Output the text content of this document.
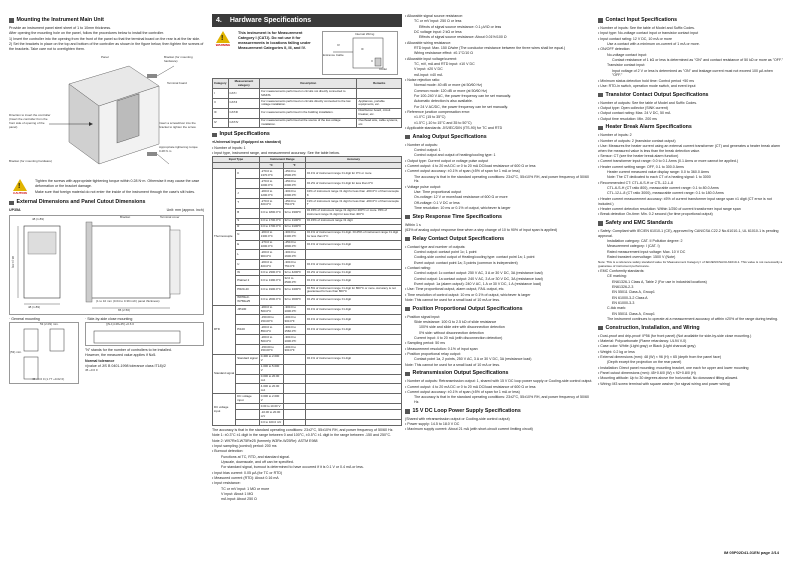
Mounting the Instrument Main Unit
Provide an instrument panel steel sheet of 1 to 10mm thickness.
After opening the mounting hole on the panel, follow the procedures below to install the controller.
1) Insert the controller into the opening from the front of the panel so that the terminal board on the rear is at the far side.
2) Set the brackets in place on the top and bottom of the controller as shown in the figure below, then tighten the screws of the brackets. Take care not to overtighten them.
Panel	Bracket (for mounting hardware)
Terminal board
Direction to insert the controller (Insert the controller from the front side of opening of the panel)
Insert a screwdriver into the bracket to tighten the screw.
Appropriate tightening torque 0.28 N·m
Bracket (for mounting hardware)
!
CAUTION
Tighten the screws with appropriate tightening torque within 0.28 N·m. Otherwise it may cause the case deformation or the bracket damage.
Make sure that foreign material do not enter the inside of the instrument through the case's slit holes.
External Dimensions and Panel Cutout Dimensions
UP35A	Unit: mm (approx. inch)
48 (1.89)	Bracket	Terminal cover
65 (2.56)
96 (3.78)
48 (1.89)
(1 to 10 mm (0.04 to 0.39 inch) panel thickness)
· General mounting
53 (2.09) min.
(53) min.
45 +0.6 0 (1.77 +0.02 0)
· Side-by-side close mounting
[(N-1)×48+45] +0.6 0
"N" stands for the number of controllers to be installed.
However, the measured value applies if N≥5.
Normal tolerance
±(value of JIS B 0401-1998 tolerance class IT18)/2
45 +0.6 0
4. Hardware Specifications
!
WARNING
This instrument is for Measurement Category I (CAT.I). Do not use it for measurements in locations falling under Measurement Categories II, III, and IV.
Internal Wiring
Entrance Cable
Outlet
III
II
IV
Category	Measurement category	Description	Remarks
I	CAT.I	For measurements performed on circuits not directly connected to MAINS.	
II	CAT.II	For measurements performed on circuits directly connected to the low voltage installation.	Appliances, portable equipments, etc.
III	CAT.III	For measurements performed in the building installation.	Distribution board, circuit breaker, etc.
IV	CAT.IV	For measurements performed at the source of the low-voltage installation.	Overhead wire, cable systems, etc.
Input Specifications
●Universal Input (Equipped as standard)
• Number of inputs: 1
• Input type, instrument range, and measurement accuracy: See the table below.
Input Type		Instrument Range		Accuracy
		°C	°F	
Thermocouple	K	-270.0 to 1370.0°C	-450.0 to 2500.0°F	±0.1% of instrument range ±1 digit for 0°C or more
		-270.0 to 1000.0°C	-450.0 to 2300.0°F	±0.2% of instrument range ±1 digit for less than 0°C
	J	-200.0 to 1200.0°C	-300.0 to 2300.0°F	±2% of instrument range ±1 digit for less than -200.0°C of thermocouple K
	T	-270.0 to 400.0°C	-450.0 to 750.0°F	±1% of instrument range ±1 digit for less than -200.0°C of thermocouple T
	B	0.0 to 1800.0°C	32 to 3300°F	±0.15% of instrument range ±1 digit for 400°C or more. ±5% of instrument range ±1 digit for less than 400°C
	S	0.0 to 1700.0°C	32 to 3100°F	±0.15% of instrument range ±1 digit
	R	0.0 to 1700.0°C	32 to 3100°F	
	N	-200.0 to 1300.0°C	-300.0 to 2400.0°F	±0.1% of instrument range ±1 digit. ±0.25% of instrument range ±1 digit for less than 0°C
	E	-270.0 to 1000.0°C	-450.0 to 1800.0°F	±0.1% of instrument range ±1 digit
	L	-200.0 to 900.0°C	-300.0 to 1600.0°F	
	U	-200.0 to 400.0°C	-300.0 to 750.0°F	±0.1% of instrument range ±1 digit
	W	0.0 to 2300.0°C	32 to 4200°F	±0.2% of instrument range ±1 digit
	Platinel 2	0.0 to 1390.0°C	32.0 to 2500.0°F	±0.1% of instrument range ±1 digit
	PR20-40	0.0 to 1900.0°C	32 to 3400°F	±0.5% of instrument range ±1 digit for 800°C or more. Accuracy is not guaranteed for less than 800°C
	W97Re3-W75Re25	0.0 to 2000.0°C	32 to 3600°F	±0.2% of instrument range ±1 digit
RTD	JPt100	-200.0 to 500.0°C	-300.0 to 1000.0°F	±0.1% of instrument range ±1 digit
		-150.00 to 150.00°C	-200.0 to 300.0°F	±0.1% of instrument range ±1 digit
	Pt100	-200.0 to 850.0°C	-300.0 to 1560.0°F	±0.1% of instrument range ±1 digit
		-200.0 to 500.0°C	-300.0 to 1000.0°F	
		-150.00 to 150.00°C	-200.0 to 300.0°F	
Standard signal	Standard signal	0.400 to 2.000 V		±0.1% of instrument range ±1 digit
		1.000 to 5.000 V		
		0.000 to 20.00 mA		
		4.000 to 20.00 mA		
DC voltage input	DC voltage input	0.000 to 2.000 V		
		0.00 to 10.00 V		
		-10.00 to 20.00 mV		
		0.0 to 100.0 mV		
The accuracy is that in the standard operating conditions: 23±2°C, 55±10% RH, and power frequency of 50/60 Hz.
Note 1: ±0.3°C ±1 digit in the range between 0 and 100°C, ±0.5°C ±1 digit in the range between -150 and 250°C.
Note 2: W97Re3-W75Re25 (formerly W3Re-W25Re): ASTM E988
• Input sampling (control) period: 200 ms
• Burnout detection:
Functions at TC, RTD, and standard signal.
Upscale, downscale, and off can be specified.
For standard signal, burnout is determined to have occurred if it is 0.1 V or 0.4 mA or less.
• Input bias current: 0.05 μA (for TC or RTD)
• Measured current (RTD): About 0.16 mA
• Input resistance:
TC or mV input: 1 MΩ or more
V input: About 1 MΩ
mA input: About 250 Ω
• Allowable signal source resistance:
TC or mV input: 250 Ω or less
Effects of signal source resistance: 0.1 μV/Ω or less
DC voltage input: 2 kΩ or less
Effects of signal source resistance: About 0.01%/100 Ω
• Allowable wiring resistance:
RTD input: Max. 150 Ω/wire (The conductor resistance between the three wires shall be equal.)
Wiring resistance effect: ±0.1°C/10 Ω
• Allowable input voltage/current:
TC, mV, mA and RTD input: ±10 V DC
V input: ±20 V DC
mA input: ±40 mA
• Noise rejection ratio:
Normal mode: 40 dB or more (at 50/60 Hz)
Common mode: 120 dB or more (at 50/60 Hz)
For 100-240 V AC, the power frequency can be set manually.
Automatic detection is also available.
For 24 V AC/DC, the power frequency can be set manually.
• Reference junction compensation error:
±1.0°C (15 to 35°C)
±1.5°C (-10 to 15°C and 35 to 50°C)
• Applicable standards: JIS/IEC/DIN (ITS-90) for TC and RTD
Analog Output Specifications
• Number of outputs:
Control output: 1
Control output and output of heating/cooling type: 1
• Output type: Current output or voltage pulse output
• Current output: 4 to 20 mA DC or 0 to 20 mA DC/load resistance of 600 Ω or less
• Current output accuracy: ±0.1% of span (±5% of span for 1 mA or less)
The accuracy is that in the standard operating conditions: 23±2°C, 55±10% RH, and power frequency of 50/60 Hz.
• Voltage pulse output:
Use: Time proportional output
On-voltage: 12 V or more/load resistance of 600 Ω or more
Off-voltage: 0.1 V DC or less
Time resolution: 10 ms or 0.1% of output, whichever is larger
Step Response Time Specifications
Within 1 s
(63% of analog output response time when a step change of 10 to 90% of input span is applied)
Relay Contact Output Specifications
• Contact type and number of outputs:
Control output: contact point 1c; 1 point
Cooling-side control output of Heating/cooling type: contact point 1a; 1 point
Event output: contact point 1a; 3 points (common is independent)
• Contact rating:
Control output: 1c contact output: 250 V AC, 3 A or 30 V DC, 3A (resistance load)
Control output: 1a contact output: 240 V AC, 3 A or 30 V DC, 3A (resistance load)
Event output: 1a (alarm output): 240 V AC, 1 A or 30 V DC, 1 A (resistance load)
• Use: Time proportional output, alarm output, FAIL output, etc.
• Time resolution of control output: 10 ms or 0.1% of output, whichever is larger
Note: This cannot be used for a small load of 10 mA or less.
Position Proportional Output Specifications
• Position signal input:
Slide resistance: 100 Ω to 2.5 kΩ of slide resistance
100% side and slide wire with disconnection detection
0% side: without disconnection detection
Current input: 4 to 20 mA (with disconnection detection)
• Sampling period: 50 ms
• Measurement resolution: 0.1% of input span
• Position proportional relay output:
Contact point 1a, 2 points, 250 V AC, 3 A or 30 V DC, 3A (resistance load)
Note: This cannot be used for a small load of 10 mA or less.
Retransmission Output Specifications
• Number of outputs: Retransmission output: 1, shared with 15 V DC loop power supply or Cooling-side control output.
• Current output: 4 to 20 mA DC or 0 to 20 mA DC/load resistance of 600 Ω or less
• Current output accuracy: ±0.1% of span (±5% of span for 1 mA or less)
The accuracy is that in the standard operating conditions: 23±2°C, 55±10% RH, and power frequency of 50/60 Hz.
15 V DC Loop Power Supply Specifications
(Shared with retransmission output or Cooling-side control output)
• Power supply: 14.5 to 18.0 V DC
• Maximum supply current: About 21 mA (with short-circuit current limiting circuit)
Contact Input Specifications
• Number of inputs: See the table of Model and Suffix Codes.
• Input type: No-voltage contact input or transistor contact input
• Input contact rating: 12 V DC, 10 mA or more
Use a contact with a minimum on-current of 1 mA or more.
• ON/OFF detection:
No-voltage contact input:
Contact resistance of 1 kΩ or less is determined as "ON" and contact resistance of 50 kΩ or more as "OFF."
Transistor contact input:
Input voltage of 2 V or less is determined as "ON" and leakage current must not exceed 100 μA when "OFF."
• Minimum status detection hold time: Control period +50 ms
• Use: RTD-in switch, operation mode switch, and event input
Transistor Contact Output Specifications
• Number of outputs: See the table of Model and Suffix Codes.
• Output type: Open collector (SINK current)
• Output contact rating: Max. 24 V DC, 50 mA
• Output time resolution: Min. 200 ms
Heater Break Alarm Specifications
• Number of inputs: 2
• Number of outputs: 2 (transistor contact output)
• Use: Measures the heater current using an external current transformer (CT) and generates a heater break alarm when the measured value is less than the break detection value.
• Sensor: CT (see the heater break alarm function)
• Current transformer input range: 0.0 to 0.1 Arms (0.1 Arms or more cannot be applied.)
• Heater current setting range: OFF, 0.1 to 300.0 Arms
Heater current measured value display range: 0.0 to 360.0 Arms
Note: The CT dedicated to each CT of a heating signal: 1 to 3000
• Recommended CT: CTL-6-S-H or CTL-12-L-8
CTL-6-S-H (CT ratio 800), measurable current range: 0.1 to 80.0 Arms
CTL-12-L-8 (CT ratio 3000), measurable current range: 0.1 to 180.0 Arms
• Heater current measurement accuracy: ±5% of current transformer input range span ±1 digit (CT error is not included.)
• Heater current detection resolution: Within 1/250 of current transformer input range span
• Break detection On-time: Min. 0.2 second (for time proportional output)
Safety and EMC Standards
• Safety: Compliant with IEC/EN 61010-1 (CE), approved by CAN/CSA C22.2 No.61010-1, UL 61010-1 is pending approval.
Installation category: CAT. II Pollution degree: 2
Measurement category: I (CAT. I)
Rated measurement input voltage: Max. 10 V DC
Rated transient overvoltage: 1500 V (Note)
Note: This is a reference safety standard value for Measurement Category I of IEC/EN/CSA/UL61010-1. This value is not necessarily a guarantee of instrument performance.
• EMC Conformity standards:
CE marking:
EN61326-1 Class A, Table 2 (For use in industrial locations)
EN61326-2-3
EN 55011 Class A, Group1
EN 61000-3-2 Class A
EN 61000-3-3
C-tick mark:
EN 55011 Class A, Group1
The instrument continues to operate at a measurement accuracy of within ±20% of the range during testing.
Construction, Installation, and Wiring
• Dust-proof and drip-proof: IP56 (for front panel) (Not available for side-by-side close mounting.)
• Material: Polycarbonate (Flame retardancy: UL94 V-0)
• Case color: White (Light gray) or Black (Light charcoal gray)
• Weight: 0.2 kg or less
• External dimensions (mm): 48 (W) × 96 (H) × 65 (depth from the panel face)
(Depth except the projection on the rear panel)
• Installation: Direct panel mounting; mounting bracket, one each for upper and lower mounting
• Panel cutout dimensions (mm): 45+0.6/0 (W) × 92+0.8/0 (H)
• Mounting attitude: Up to 30 degrees above the horizontal. No downward tilting allowed.
• Wiring: M3 screw terminal with square washer (for signal wiring and power wiring)
IM 05P02D41-01EN page 2/14
